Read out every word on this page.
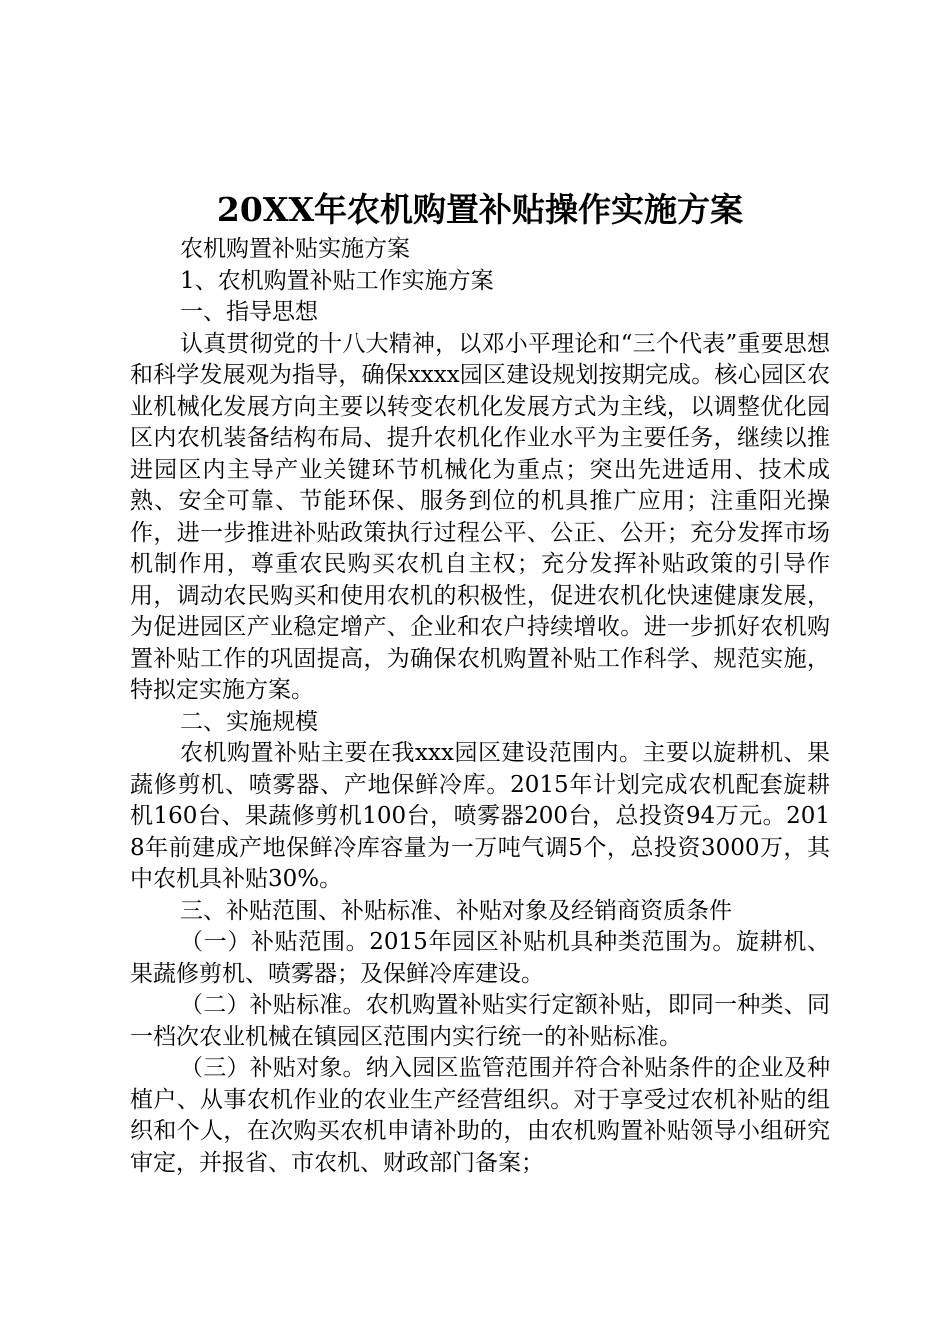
20XX年农机购置补贴操作实施方案

农机购置补贴实施方案

1、农机购置补贴工作实施方案

一、指导思想

认真贯彻党的十八大精神，以邓小平理论和“三个代表”重要思想和科学发展观为指导，确保xxxx园区建设规划按期完成。核心园区农业机械化发展方向主要以转变农机化发展方式为主线，以调整优化园区内农机装备结构布局、提升农机化作业水平为主要任务，继续以推进园区内主导产业关键环节机械化为重点；突出先进适用、技术成熟、安全可靠、节能环保、服务到位的机具推广应用；注重阳光操作，进一步推进补贴政策执行过程公平、公正、公开；充分发挥市场机制作用，尊重农民购买农机自主权；充分发挥补贴政策的引导作用，调动农民购买和使用农机的积极性，促进农机化快速健康发展，为促进园区产业稳定增产、企业和农户持续增收。进一步抓好农机购置补贴工作的巩固提高，为确保农机购置补贴工作科学、规范实施，特拟定实施方案。

二、实施规模

农机购置补贴主要在我xxx园区建设范围内。主要以旋耕机、果蔬修剪机、喷雾器、产地保鲜冷库。2015年计划完成农机配套旋耕机160台、果蔬修剪机100台，喷雾器200台，总投资94万元。2018年前建成产地保鲜冷库容量为一万吨气调5个，总投资3000万，其中农机具补贴30%。

三、补贴范围、补贴标准、补贴对象及经销商资质条件

（一）补贴范围。2015年园区补贴机具种类范围为。旋耕机、果蔬修剪机、喷雾器；及保鲜冷库建设。

（二）补贴标准。农机购置补贴实行定额补贴，即同一种类、同一档次农业机械在镇园区范围内实行统一的补贴标准。

（三）补贴对象。纳入园区监管范围并符合补贴条件的企业及种植户、从事农机作业的农业生产经营组织。对于享受过农机补贴的组织和个人，在次购买农机申请补助的，由农机购置补贴领导小组研究审定，并报省、市农机、财政部门备案；
